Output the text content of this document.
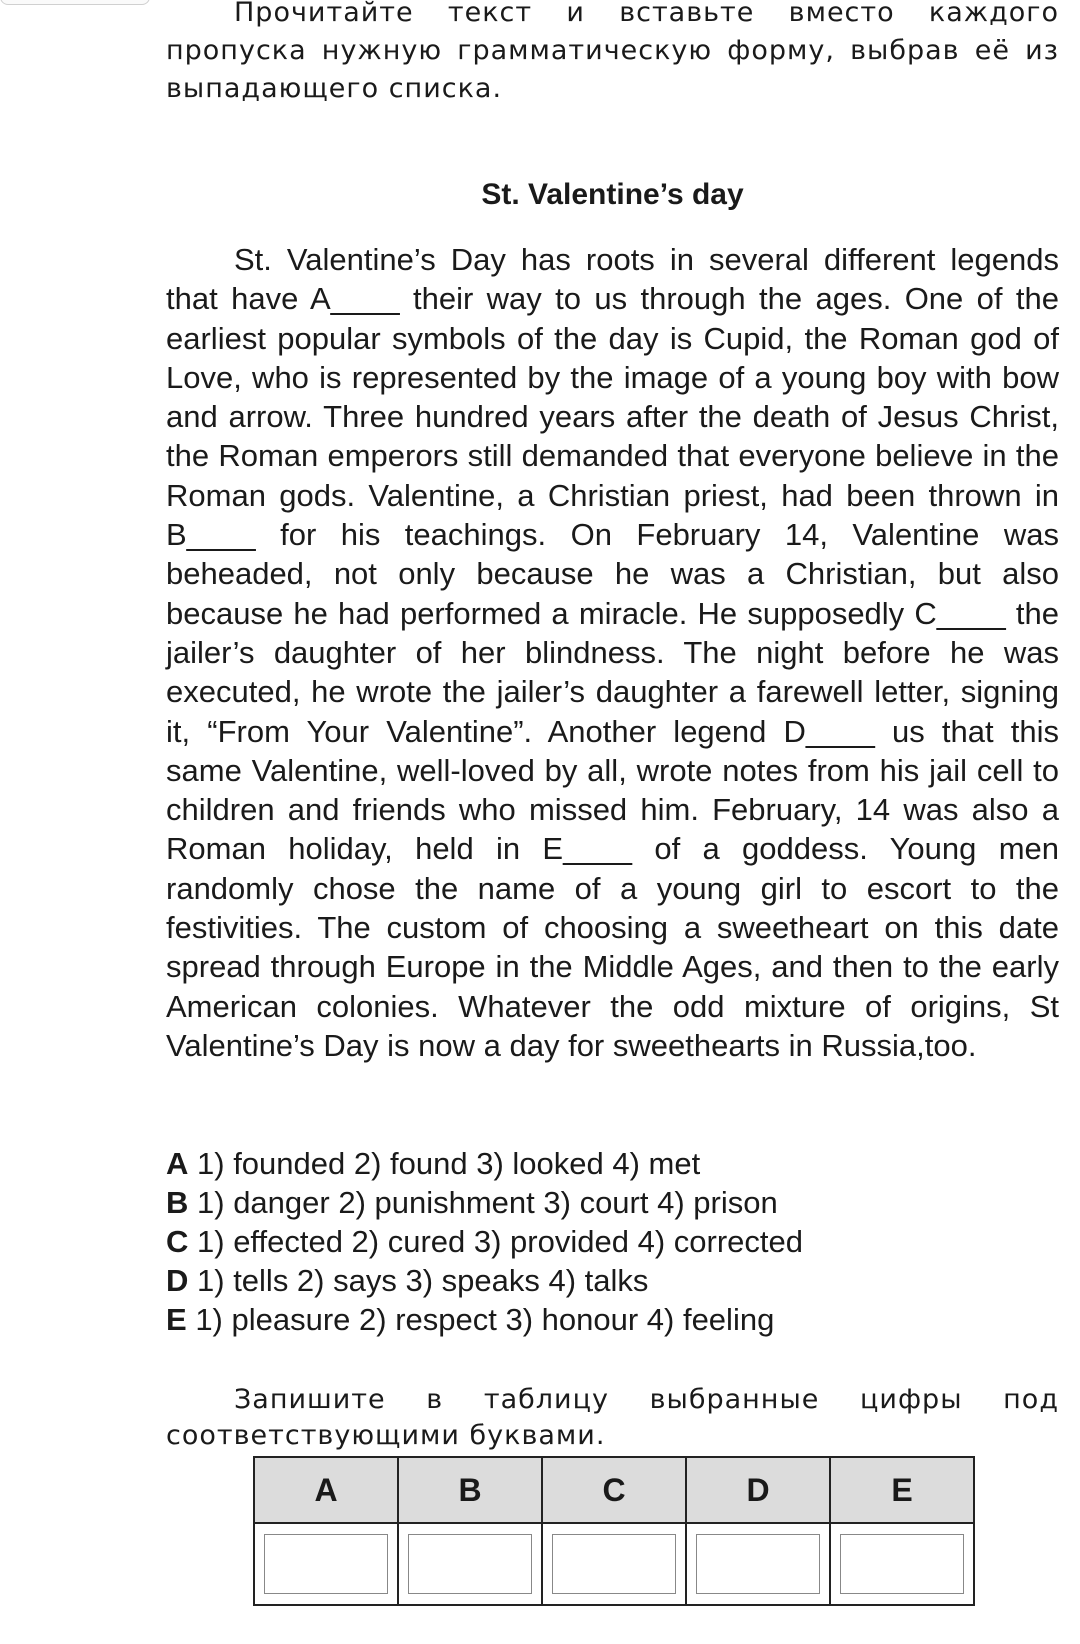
Прочитайте текст и вставьте вместо каждого пропуска нужную грамматическую форму, выбрав её из выпадающего списка.

St. Valentine’s day

St. Valentine’s Day has roots in several different legends that have A____ their way to us through the ages. One of the earliest popular symbols of the day is Cupid, the Roman god of Love, who is represented by the image of a young boy with bow and arrow. Three hundred years after the death of Jesus Christ, the Roman emperors still demanded that everyone believe in the Roman gods. Valentine, a Christian priest, had been thrown in B____ for his teachings. On February 14, Valentine was beheaded, not only because he was a Christian, but also because he had performed a miracle. He supposedly C____ the jailer’s daughter of her blindness. The night before he was executed, he wrote the jailer’s daughter a farewell letter, signing it, “From Your Valentine”. Another legend D____ us that this same Valentine, well-loved by all, wrote notes from his jail cell to children and friends who missed him. February, 14 was also a Roman holiday, held in E____ of a goddess. Young men randomly chose the name of a young girl to escort to the festivities. The custom of choosing a sweetheart on this date spread through Europe in the Middle Ages, and then to the early American colonies. Whatever the odd mixture of origins, St Valentine’s Day is now a day for sweethearts in Russia,too.

A 1) founded 2) found 3) looked 4) met
B 1) danger 2) punishment 3) court 4) prison
C 1) effected 2) cured 3) provided 4) corrected
D 1) tells 2) says 3) speaks 4) talks
E 1) pleasure 2) respect 3) honour 4) feeling

Запишите в таблицу выбранные цифры под соответствующими буквами.

A	B	C	D	E
